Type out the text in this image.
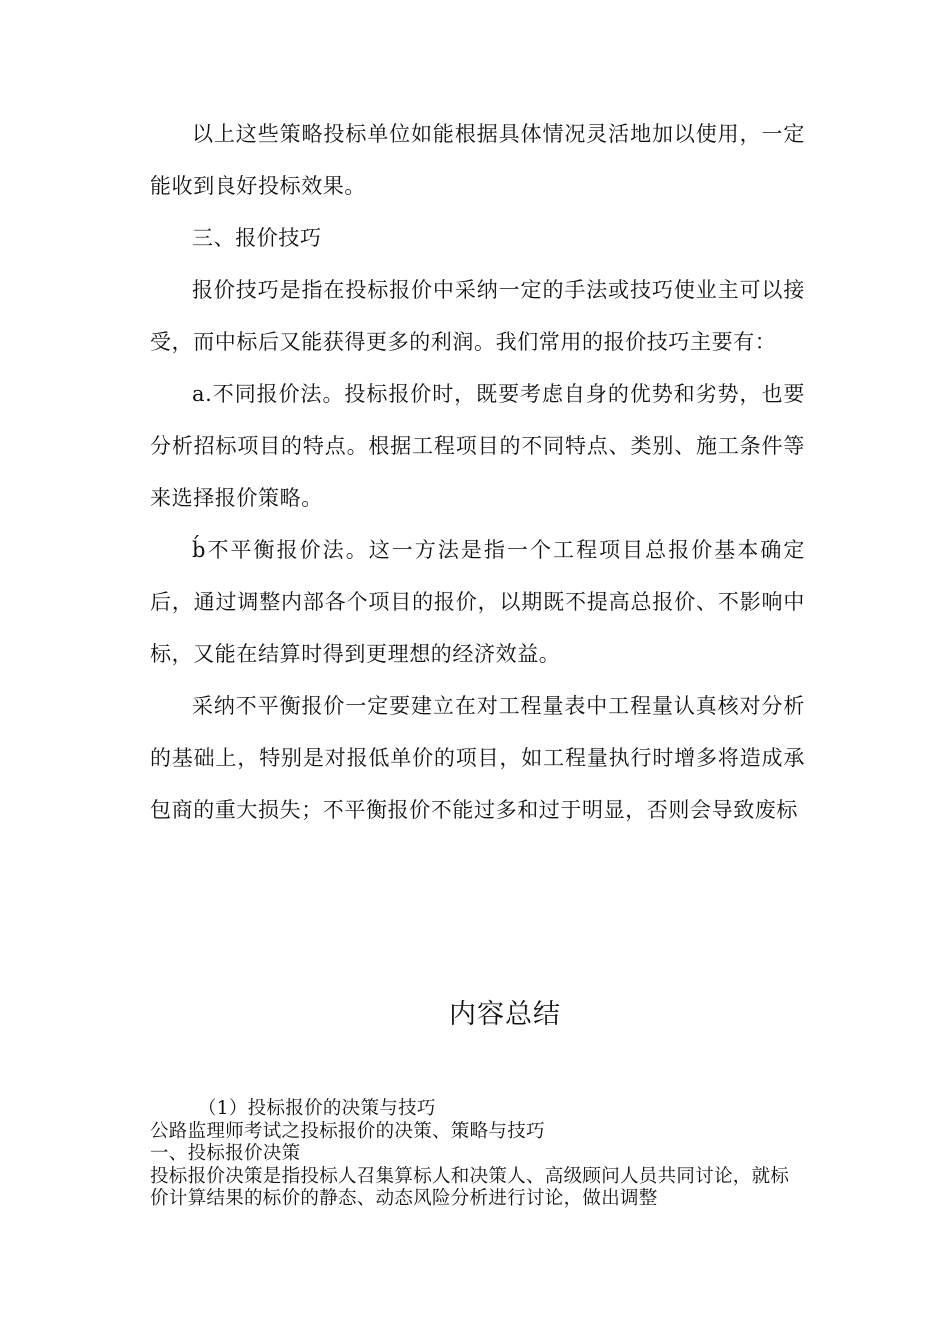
以上这些策略投标单位如能根据具体情况灵活地加以使用，一定能收到良好投标效果。

三、报价技巧

报价技巧是指在投标报价中采纳一定的手法或技巧使业主可以接受，而中标后又能获得更多的利润。我们常用的报价技巧主要有：

a.不同报价法。投标报价时，既要考虑自身的优势和劣势，也要分析招标项目的特点。根据工程项目的不同特点、类别、施工条件等来选择报价策略。

b́不平衡报价法。这一方法是指一个工程项目总报价基本确定后，通过调整内部各个项目的报价，以期既不提高总报价、不影响中标，又能在结算时得到更理想的经济效益。

采纳不平衡报价一定要建立在对工程量表中工程量认真核对分析的基础上，特别是对报低单价的项目，如工程量执行时增多将造成承包商的重大损失；不平衡报价不能过多和过于明显，否则会导致废标

内容总结

（1）投标报价的决策与技巧

公路监理师考试之投标报价的决策、策略与技巧

一、投标报价决策

投标报价决策是指投标人召集算标人和决策人、高级顾问人员共同讨论，就标价计算结果的标价的静态、动态风险分析进行讨论，做出调整
